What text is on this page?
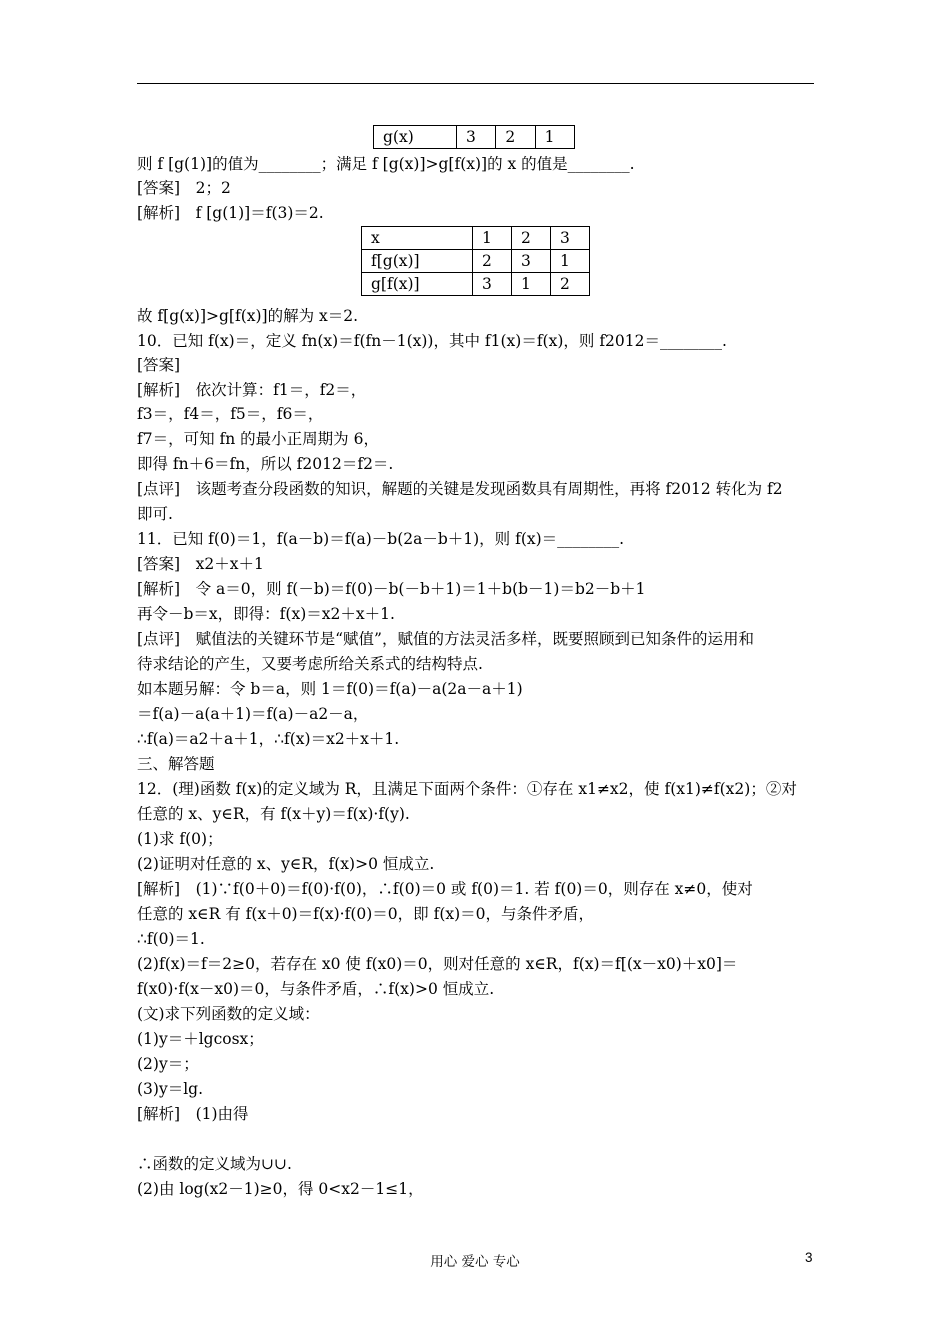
g(x)	3	2	1
则 f [g(1)]的值为________；满足 f [g(x)]>g[f(x)]的 x 的值是________.
[答案]　2；2
[解析]　f [g(1)]＝f(3)＝2.
x	1	2	3
f[g(x)]	2	3	1
g[f(x)]	3	1	2
故 f[g(x)]>g[f(x)]的解为 x＝2.
10．已知 f(x)＝，定义 fn(x)＝f(fn－1(x))，其中 f1(x)＝f(x)，则 f2012＝________.
[答案]
[解析]　依次计算：f1＝，f2＝，
f3＝，f4＝，f5＝，f6＝，
f7＝，可知 fn 的最小正周期为 6，
即得 fn＋6＝fn，所以 f2012＝f2＝.
[点评]　该题考查分段函数的知识，解题的关键是发现函数具有周期性，再将 f2012 转化为 f2
即可.
11．已知 f(0)＝1，f(a－b)＝f(a)－b(2a－b＋1)，则 f(x)＝________.
[答案]　x2＋x＋1
[解析]　令 a＝0，则 f(－b)＝f(0)－b(－b＋1)＝1＋b(b－1)＝b2－b＋1
再令－b＝x，即得：f(x)＝x2＋x＋1.
[点评]　赋值法的关键环节是“赋值”，赋值的方法灵活多样，既要照顾到已知条件的运用和
待求结论的产生，又要考虑所给关系式的结构特点.
如本题另解：令 b＝a，则 1＝f(0)＝f(a)－a(2a－a＋1)
＝f(a)－a(a＋1)＝f(a)－a2－a，
∴f(a)＝a2＋a＋1，∴f(x)＝x2＋x＋1.
三、解答题
12．(理)函数 f(x)的定义域为 R，且满足下面两个条件：①存在 x1≠x2，使 f(x1)≠f(x2)；②对
任意的 x、y∈R，有 f(x＋y)＝f(x)·f(y).
(1)求 f(0)；
(2)证明对任意的 x、y∈R，f(x)>0 恒成立.
[解析]　(1)∵f(0＋0)＝f(0)·f(0)，∴f(0)＝0 或 f(0)＝1. 若 f(0)＝0，则存在 x≠0，使对
任意的 x∈R 有 f(x＋0)＝f(x)·f(0)＝0，即 f(x)＝0，与条件矛盾，
∴f(0)＝1.
(2)f(x)＝f＝2≥0，若存在 x0 使 f(x0)＝0，则对任意的 x∈R，f(x)＝f[(x－x0)＋x0]＝
f(x0)·f(x－x0)＝0，与条件矛盾，∴f(x)>0 恒成立.
(文)求下列函数的定义域：
(1)y＝＋lgcosx；
(2)y＝；
(3)y＝lg.
[解析]　(1)由得
∴函数的定义域为∪∪.
(2)由 log(x2－1)≥0，得 0<x2－1≤1，
用心 爱心 专心	3
